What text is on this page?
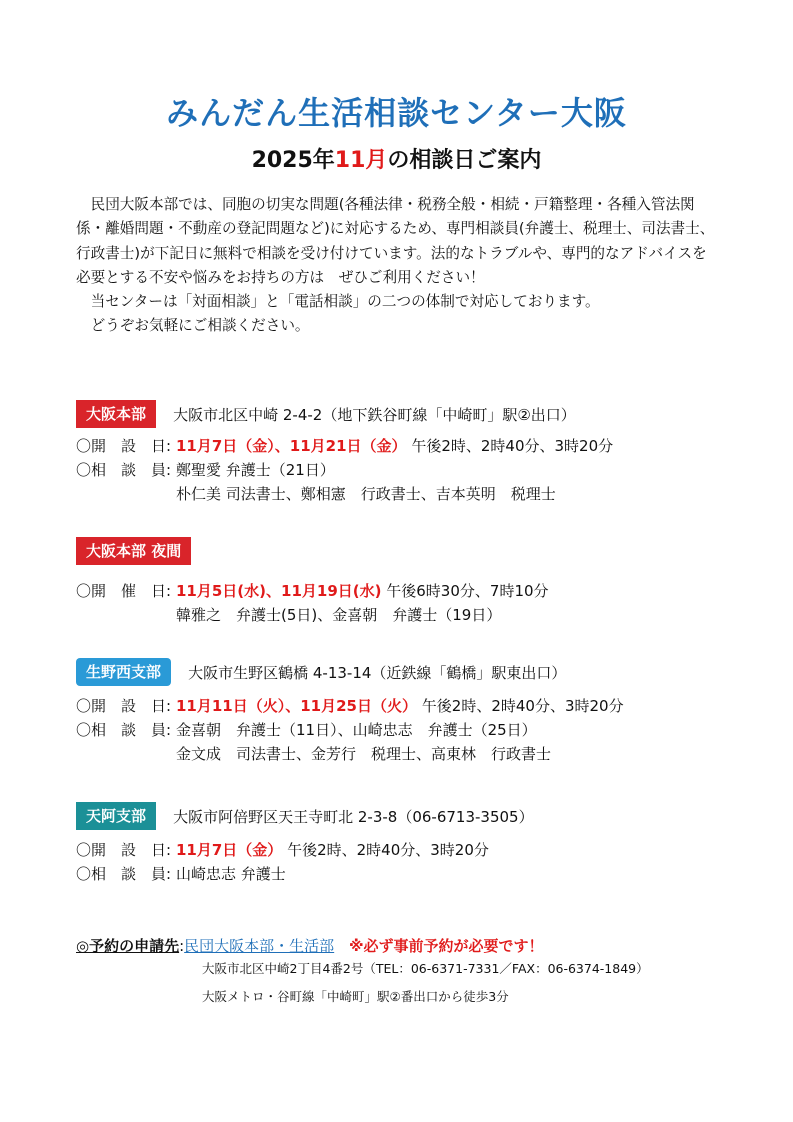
みんだん生活相談センター大阪
2025年11月の相談日ご案内

民団大阪本部では、同胞の切実な問題(各種法律・税務全般・相続・戸籍整理・各種入管法関係・離婚問題・不動産の登記問題など)に対応するため、専門相談員(弁護士、税理士、司法書士、行政書士)が下記日に無料で相談を受け付けています。法的なトラブルや、専門的なアドバイスを必要とする不安や悩みをお持ちの方は　ぜひご利用ください！

当センターは「対面相談」と「電話相談」の二つの体制で対応しております。

どうぞお気軽にご相談ください。

大阪本部 大阪市北区中崎 2-4-2（地下鉄谷町線「中崎町」駅②出口）
〇開　設　日: 11月7日（金）、11月21日（金） 午後2時、2時40分、3時20分
〇相　談　員: 鄭聖愛 弁護士（21日）
朴仁美 司法書士、鄭相憲　行政書士、吉本英明　税理士
大阪本部 夜間
〇開　催　日: 11月5日(水)、11月19日(水) 午後6時30分、7時10分
韓雅之　弁護士(5日)、金喜朝　弁護士（19日）
生野西支部 大阪市生野区鶴橋 4-13-14（近鉄線「鶴橋」駅東出口）
〇開　設　日: 11月11日（火）、11月25日（火） 午後2時、2時40分、3時20分
〇相　談　員: 金喜朝　弁護士（11日）、山崎忠志　弁護士（25日）
金文成　司法書士、金芳行　税理士、高東林　行政書士
天阿支部 大阪市阿倍野区天王寺町北 2-3-8（06-6713-3505）
〇開　設　日: 11月7日（金） 午後2時、2時40分、3時20分
〇相　談　員: 山崎忠志 弁護士
◎予約の申請先:民団大阪本部・生活部 ※必ず事前予約が必要です！
大阪市北区中崎2丁目4番2号（TEL：06-6371-7331／FAX：06-6374-1849）
大阪メトロ・谷町線「中崎町」駅②番出口から徒歩3分
